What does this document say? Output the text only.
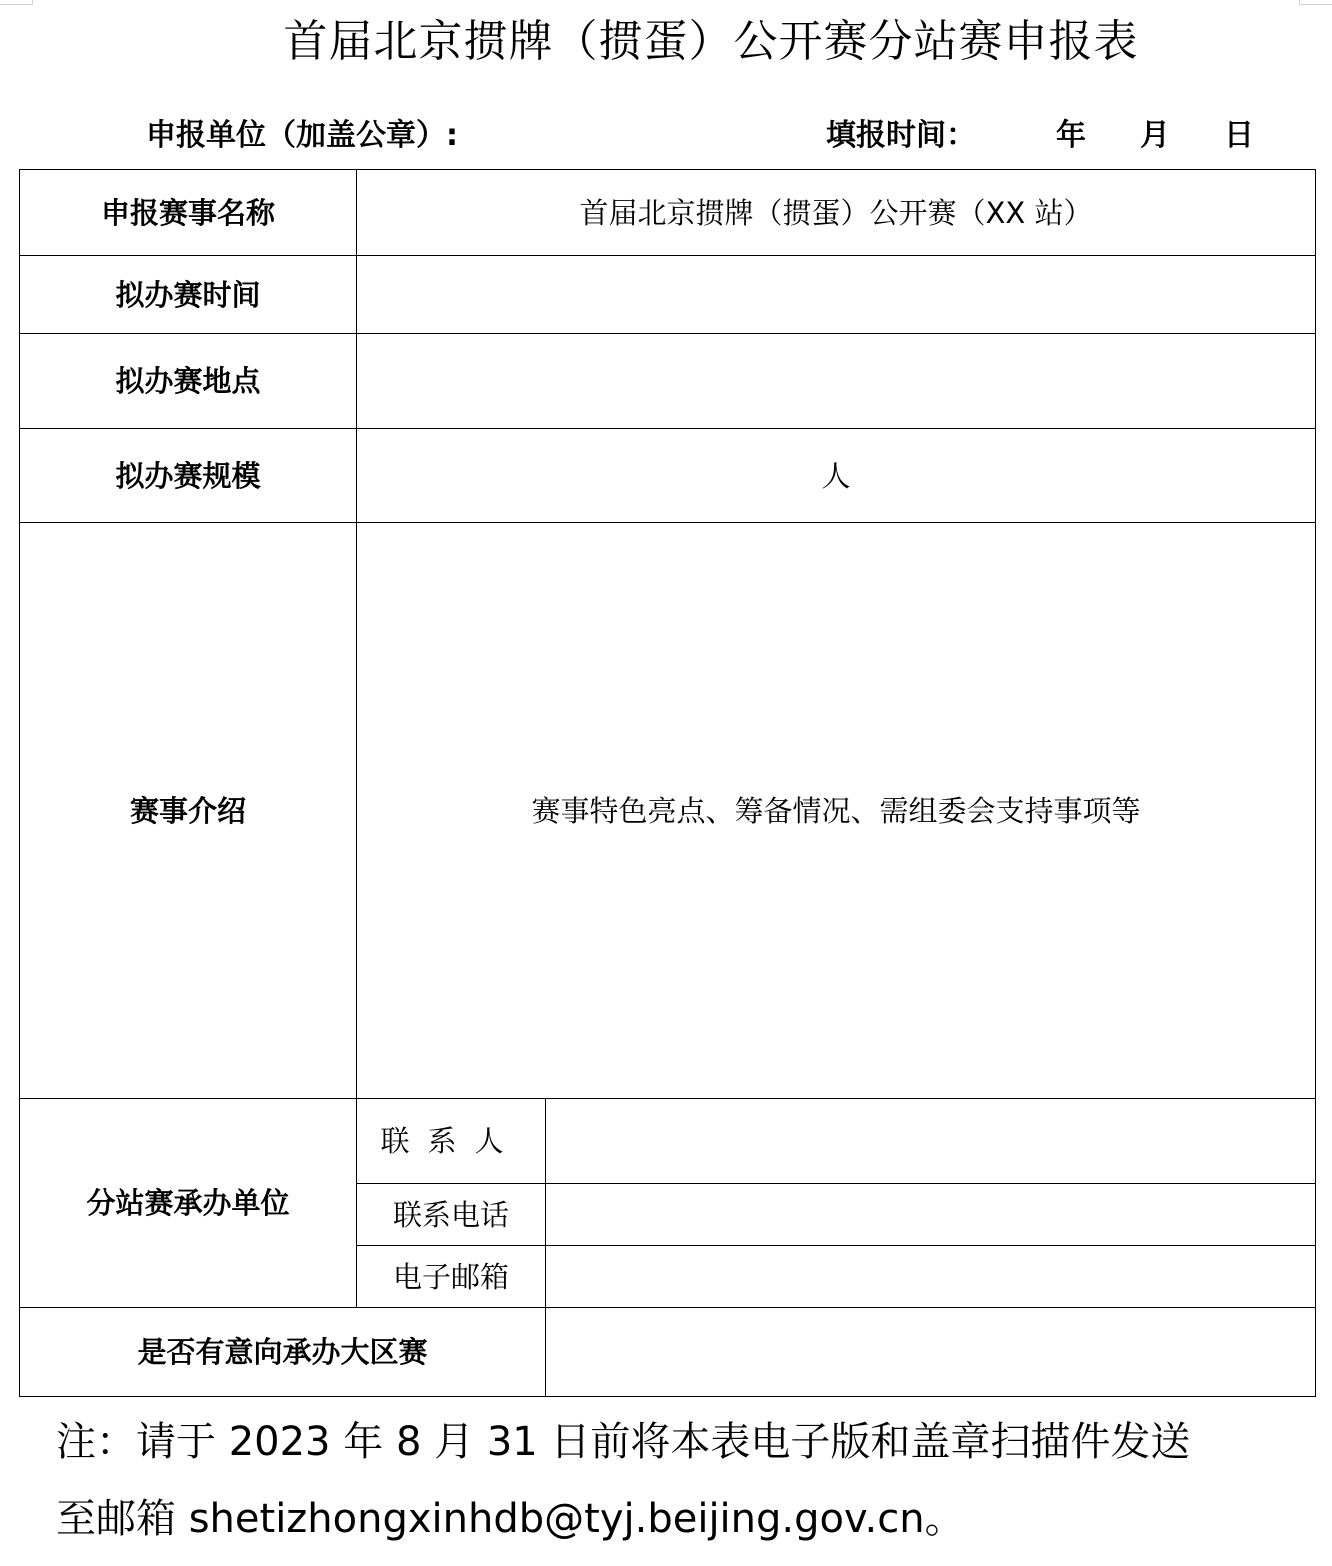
首届北京掼牌（掼蛋）公开赛分站赛申报表
申报单位（加盖公章）:	填报时间：	年 月 日
申报赛事名称	首届北京掼牌（掼蛋）公开赛（XX 站）	
拟办赛时间		
拟办赛地点		
拟办赛规模	人	
赛事介绍	赛事特色亮点、筹备情况、需组委会支持事项等	
分站赛承办单位	联系人	
	联系电话	
	电子邮箱	
是否有意向承办大区赛		
注：请于 2023 年 8 月 31 日前将本表电子版和盖章扫描件发送
至邮箱 shetizhongxinhdb@tyj.beijing.gov.cn。
